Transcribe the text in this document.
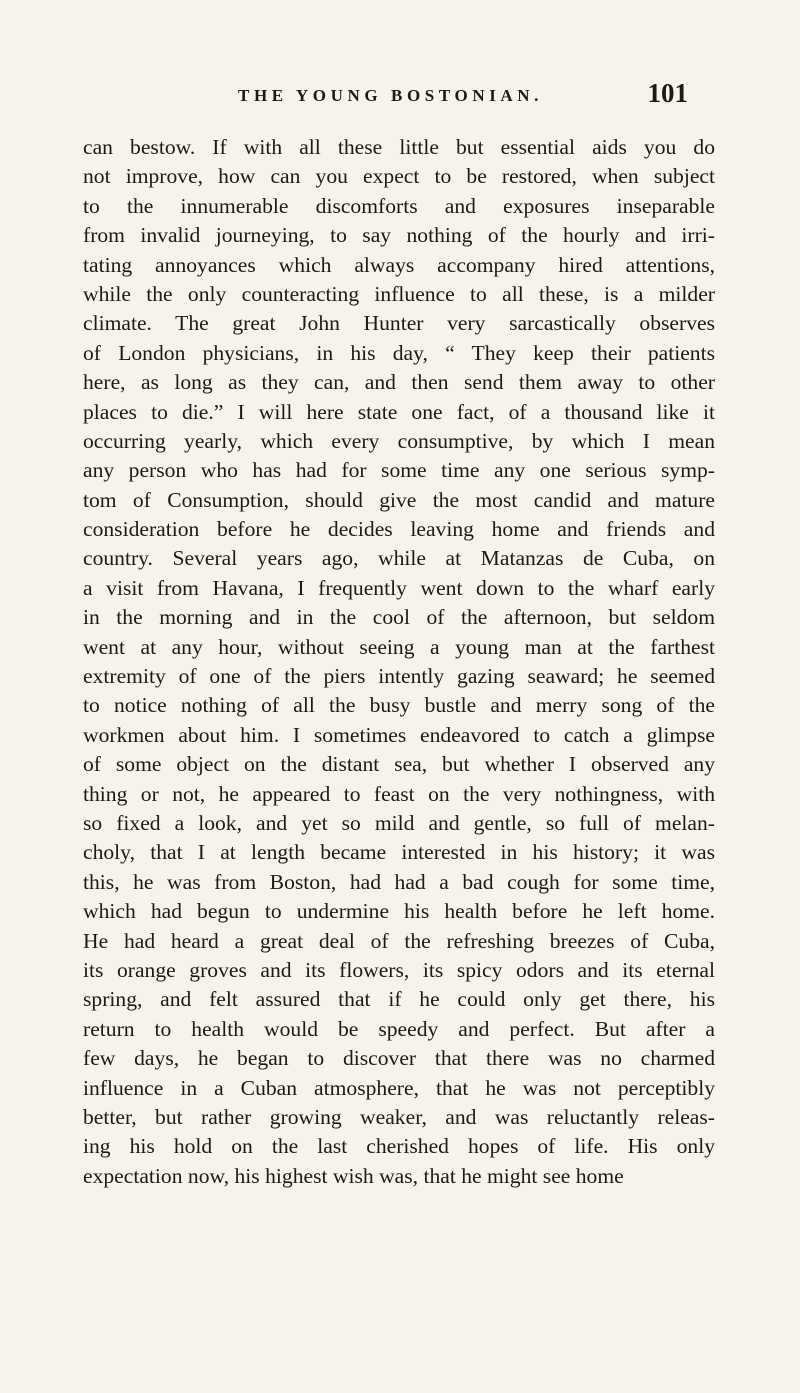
THE YOUNG BOSTONIAN.	101
can bestow. If with all these little but essential aids you do
not improve, how can you expect to be restored, when subject
to the innumerable discomforts and exposures inseparable
from invalid journeying, to say nothing of the hourly and irri-
tating annoyances which always accompany hired attentions,
while the only counteracting influence to all these, is a milder
climate. The great John Hunter very sarcastically observes
of London physicians, in his day, “ They keep their patients
here, as long as they can, and then send them away to other
places to die.” I will here state one fact, of a thousand like it
occurring yearly, which every consumptive, by which I mean
any person who has had for some time any one serious symp-
tom of Consumption, should give the most candid and mature
consideration before he decides leaving home and friends and
country. Several years ago, while at Matanzas de Cuba, on
a visit from Havana, I frequently went down to the wharf early
in the morning and in the cool of the afternoon, but seldom
went at any hour, without seeing a young man at the farthest
extremity of one of the piers intently gazing seaward; he seemed
to notice nothing of all the busy bustle and merry song of the
workmen about him. I sometimes endeavored to catch a glimpse
of some object on the distant sea, but whether I observed any
thing or not, he appeared to feast on the very nothingness, with
so fixed a look, and yet so mild and gentle, so full of melan-
choly, that I at length became interested in his history; it was
this, he was from Boston, had had a bad cough for some time,
which had begun to undermine his health before he left home.
He had heard a great deal of the refreshing breezes of Cuba,
its orange groves and its flowers, its spicy odors and its eternal
spring, and felt assured that if he could only get there, his
return to health would be speedy and perfect. But after a
few days, he began to discover that there was no charmed
influence in a Cuban atmosphere, that he was not perceptibly
better, but rather growing weaker, and was reluctantly releas-
ing his hold on the last cherished hopes of life. His only
expectation now, his highest wish was, that he might see home
